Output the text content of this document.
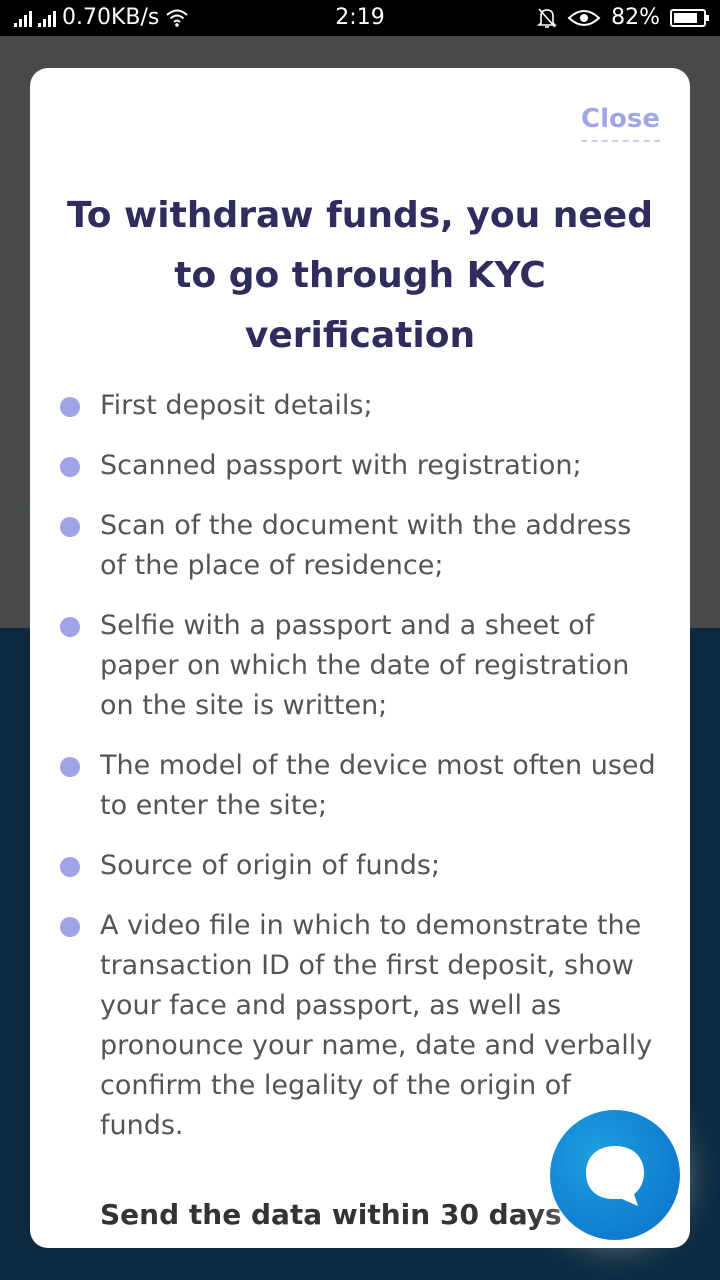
0.70KB/s	2:19	82%
Close
To withdraw funds, you need to go through KYC verification
First deposit details;
Scanned passport with registration;
Scan of the document with the address of the place of residence;
Selfie with a passport and a sheet of paper on which the date of registration on the site is written;
The model of the device most often used to enter the site;
Source of origin of funds;
A video file in which to demonstrate the transaction ID of the first deposit, show your face and passport, as well as pronounce your name, date and verbally confirm the legality of the origin of funds.
Send the data within 30 days
